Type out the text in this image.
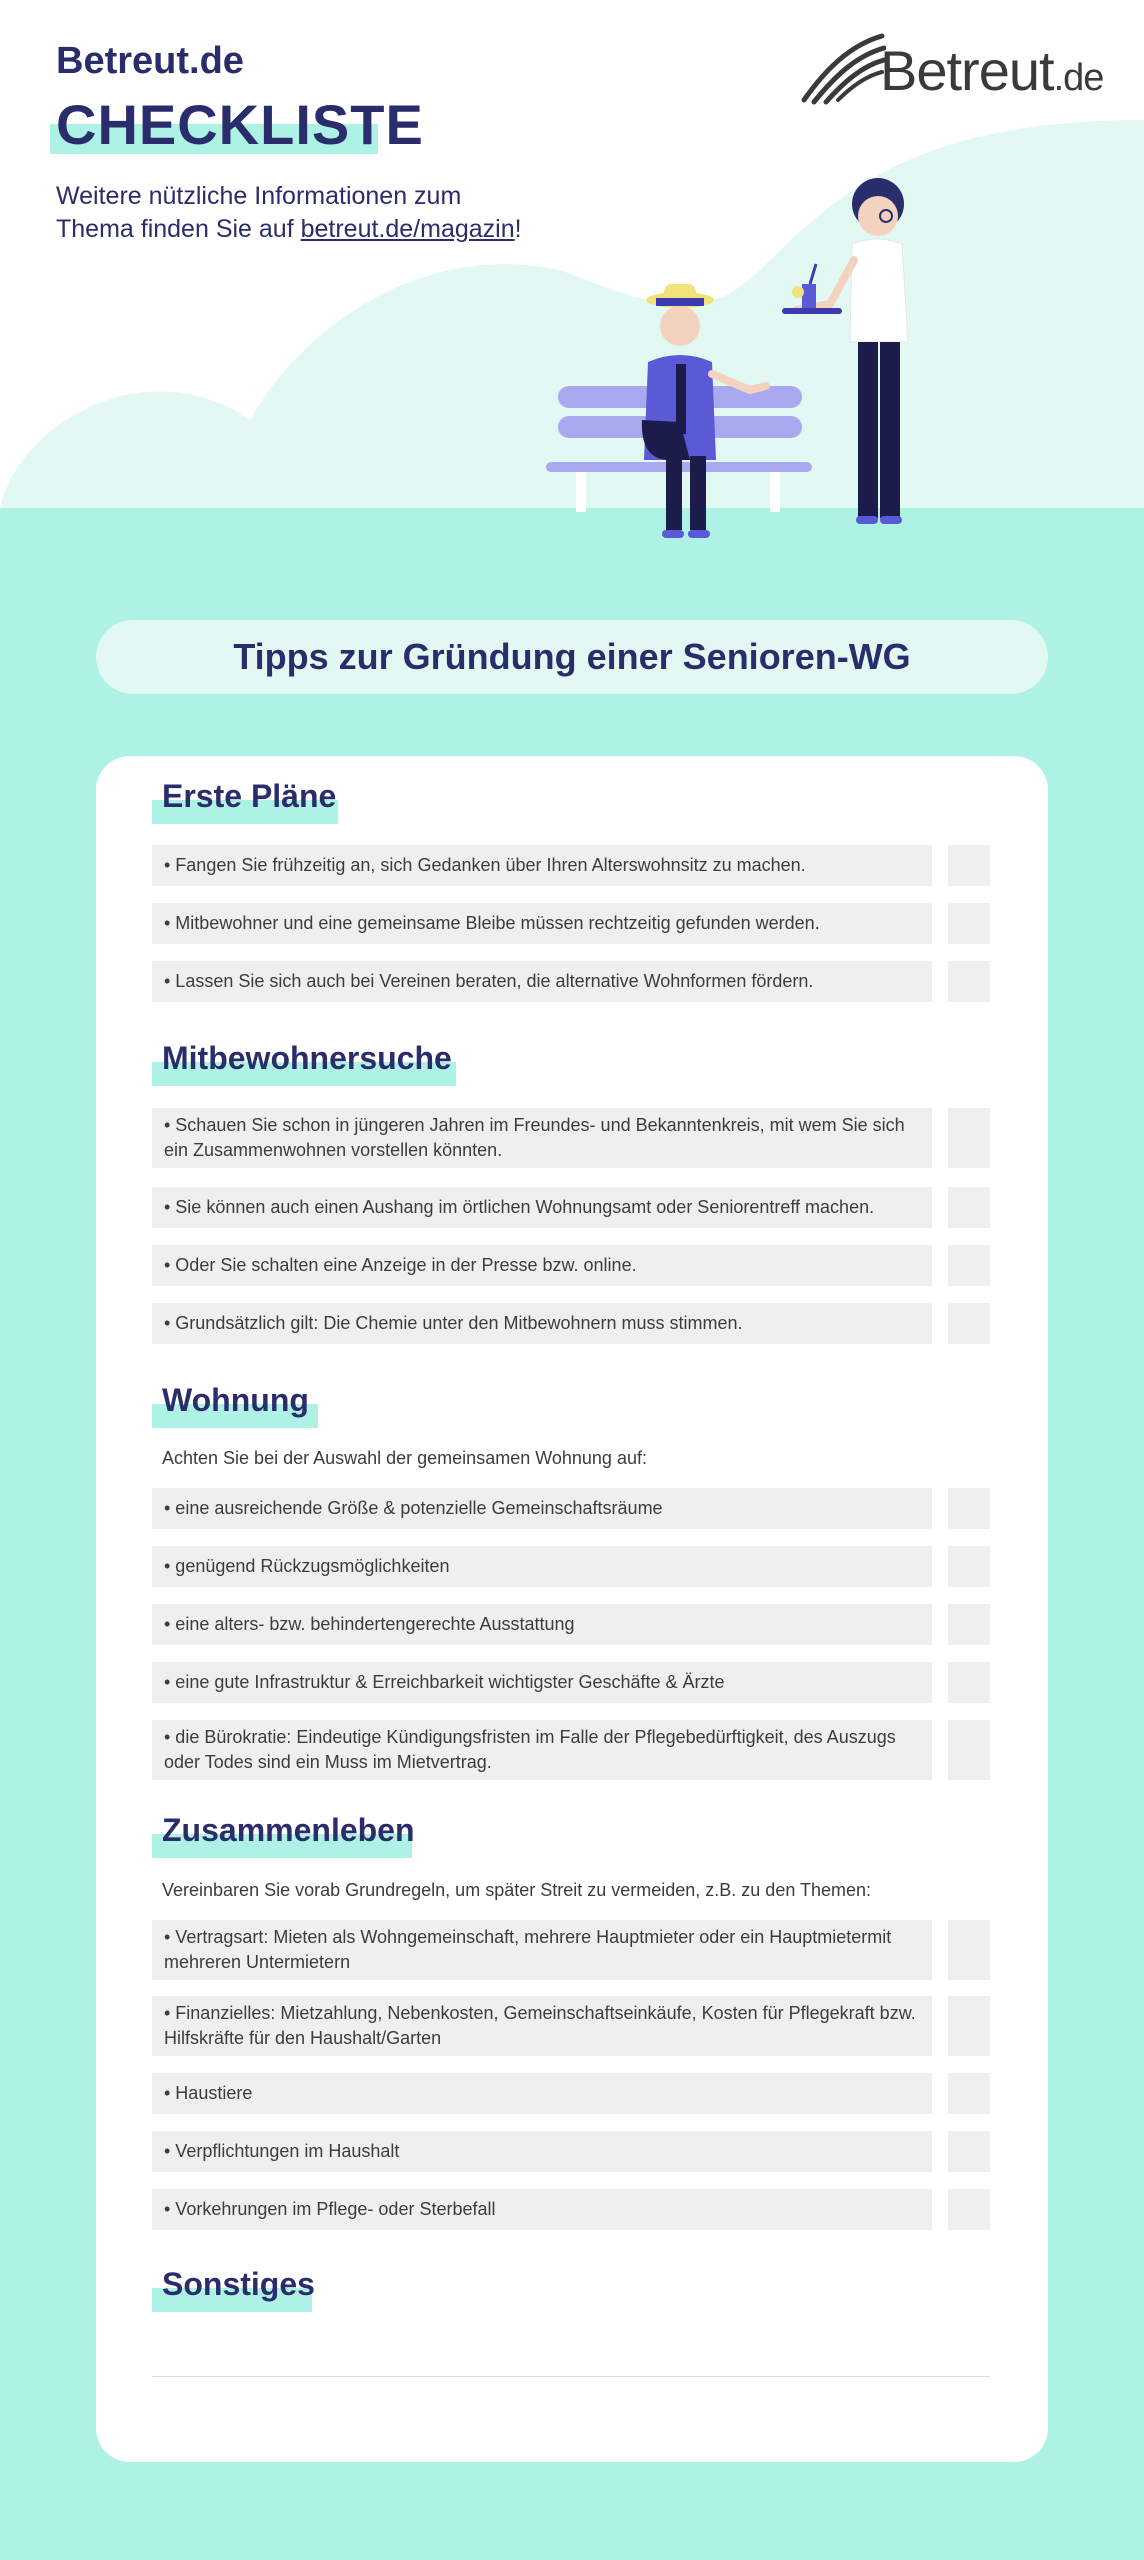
Betreut.de
CHECKLISTE
Weitere nützliche Informationen zum
Thema finden Sie auf betreut.de/magazin!
Betreut.de
Tipps zur Gründung einer Senioren-WG
Erste Pläne
• Fangen Sie frühzeitig an, sich Gedanken über Ihren Alterswohnsitz zu machen.
• Mitbewohner und eine gemeinsame Bleibe müssen rechtzeitig gefunden werden.
• Lassen Sie sich auch bei Vereinen beraten, die alternative Wohnformen fördern.
Mitbewohnersuche
• Schauen Sie schon in jüngeren Jahren im Freundes- und Bekanntenkreis, mit wem Sie sich ein Zusammenwohnen vorstellen könnten.
• Sie können auch einen Aushang im örtlichen Wohnungsamt oder Seniorentreff machen.
• Oder Sie schalten eine Anzeige in der Presse bzw. online.
• Grundsätzlich gilt: Die Chemie unter den Mitbewohnern muss stimmen.
Wohnung
Achten Sie bei der Auswahl der gemeinsamen Wohnung auf:
• eine ausreichende Größe & potenzielle Gemeinschaftsräume
• genügend Rückzugsmöglichkeiten
• eine alters- bzw. behindertengerechte Ausstattung
• eine gute Infrastruktur & Erreichbarkeit wichtigster Geschäfte & Ärzte
• die Bürokratie: Eindeutige Kündigungsfristen im Falle der Pflegebedürftigkeit, des Auszugs oder Todes sind ein Muss im Mietvertrag.
Zusammenleben
Vereinbaren Sie vorab Grundregeln, um später Streit zu vermeiden, z.B. zu den Themen:
• Vertragsart: Mieten als Wohngemeinschaft, mehrere Hauptmieter oder ein Hauptmietermit mehreren Untermietern
• Finanzielles: Mietzahlung, Nebenkosten, Gemeinschaftseinkäufe, Kosten für Pflegekraft bzw. Hilfskräfte für den Haushalt/Garten
• Haustiere
• Verpflichtungen im Haushalt
• Vorkehrungen im Pflege- oder Sterbefall
Sonstiges
